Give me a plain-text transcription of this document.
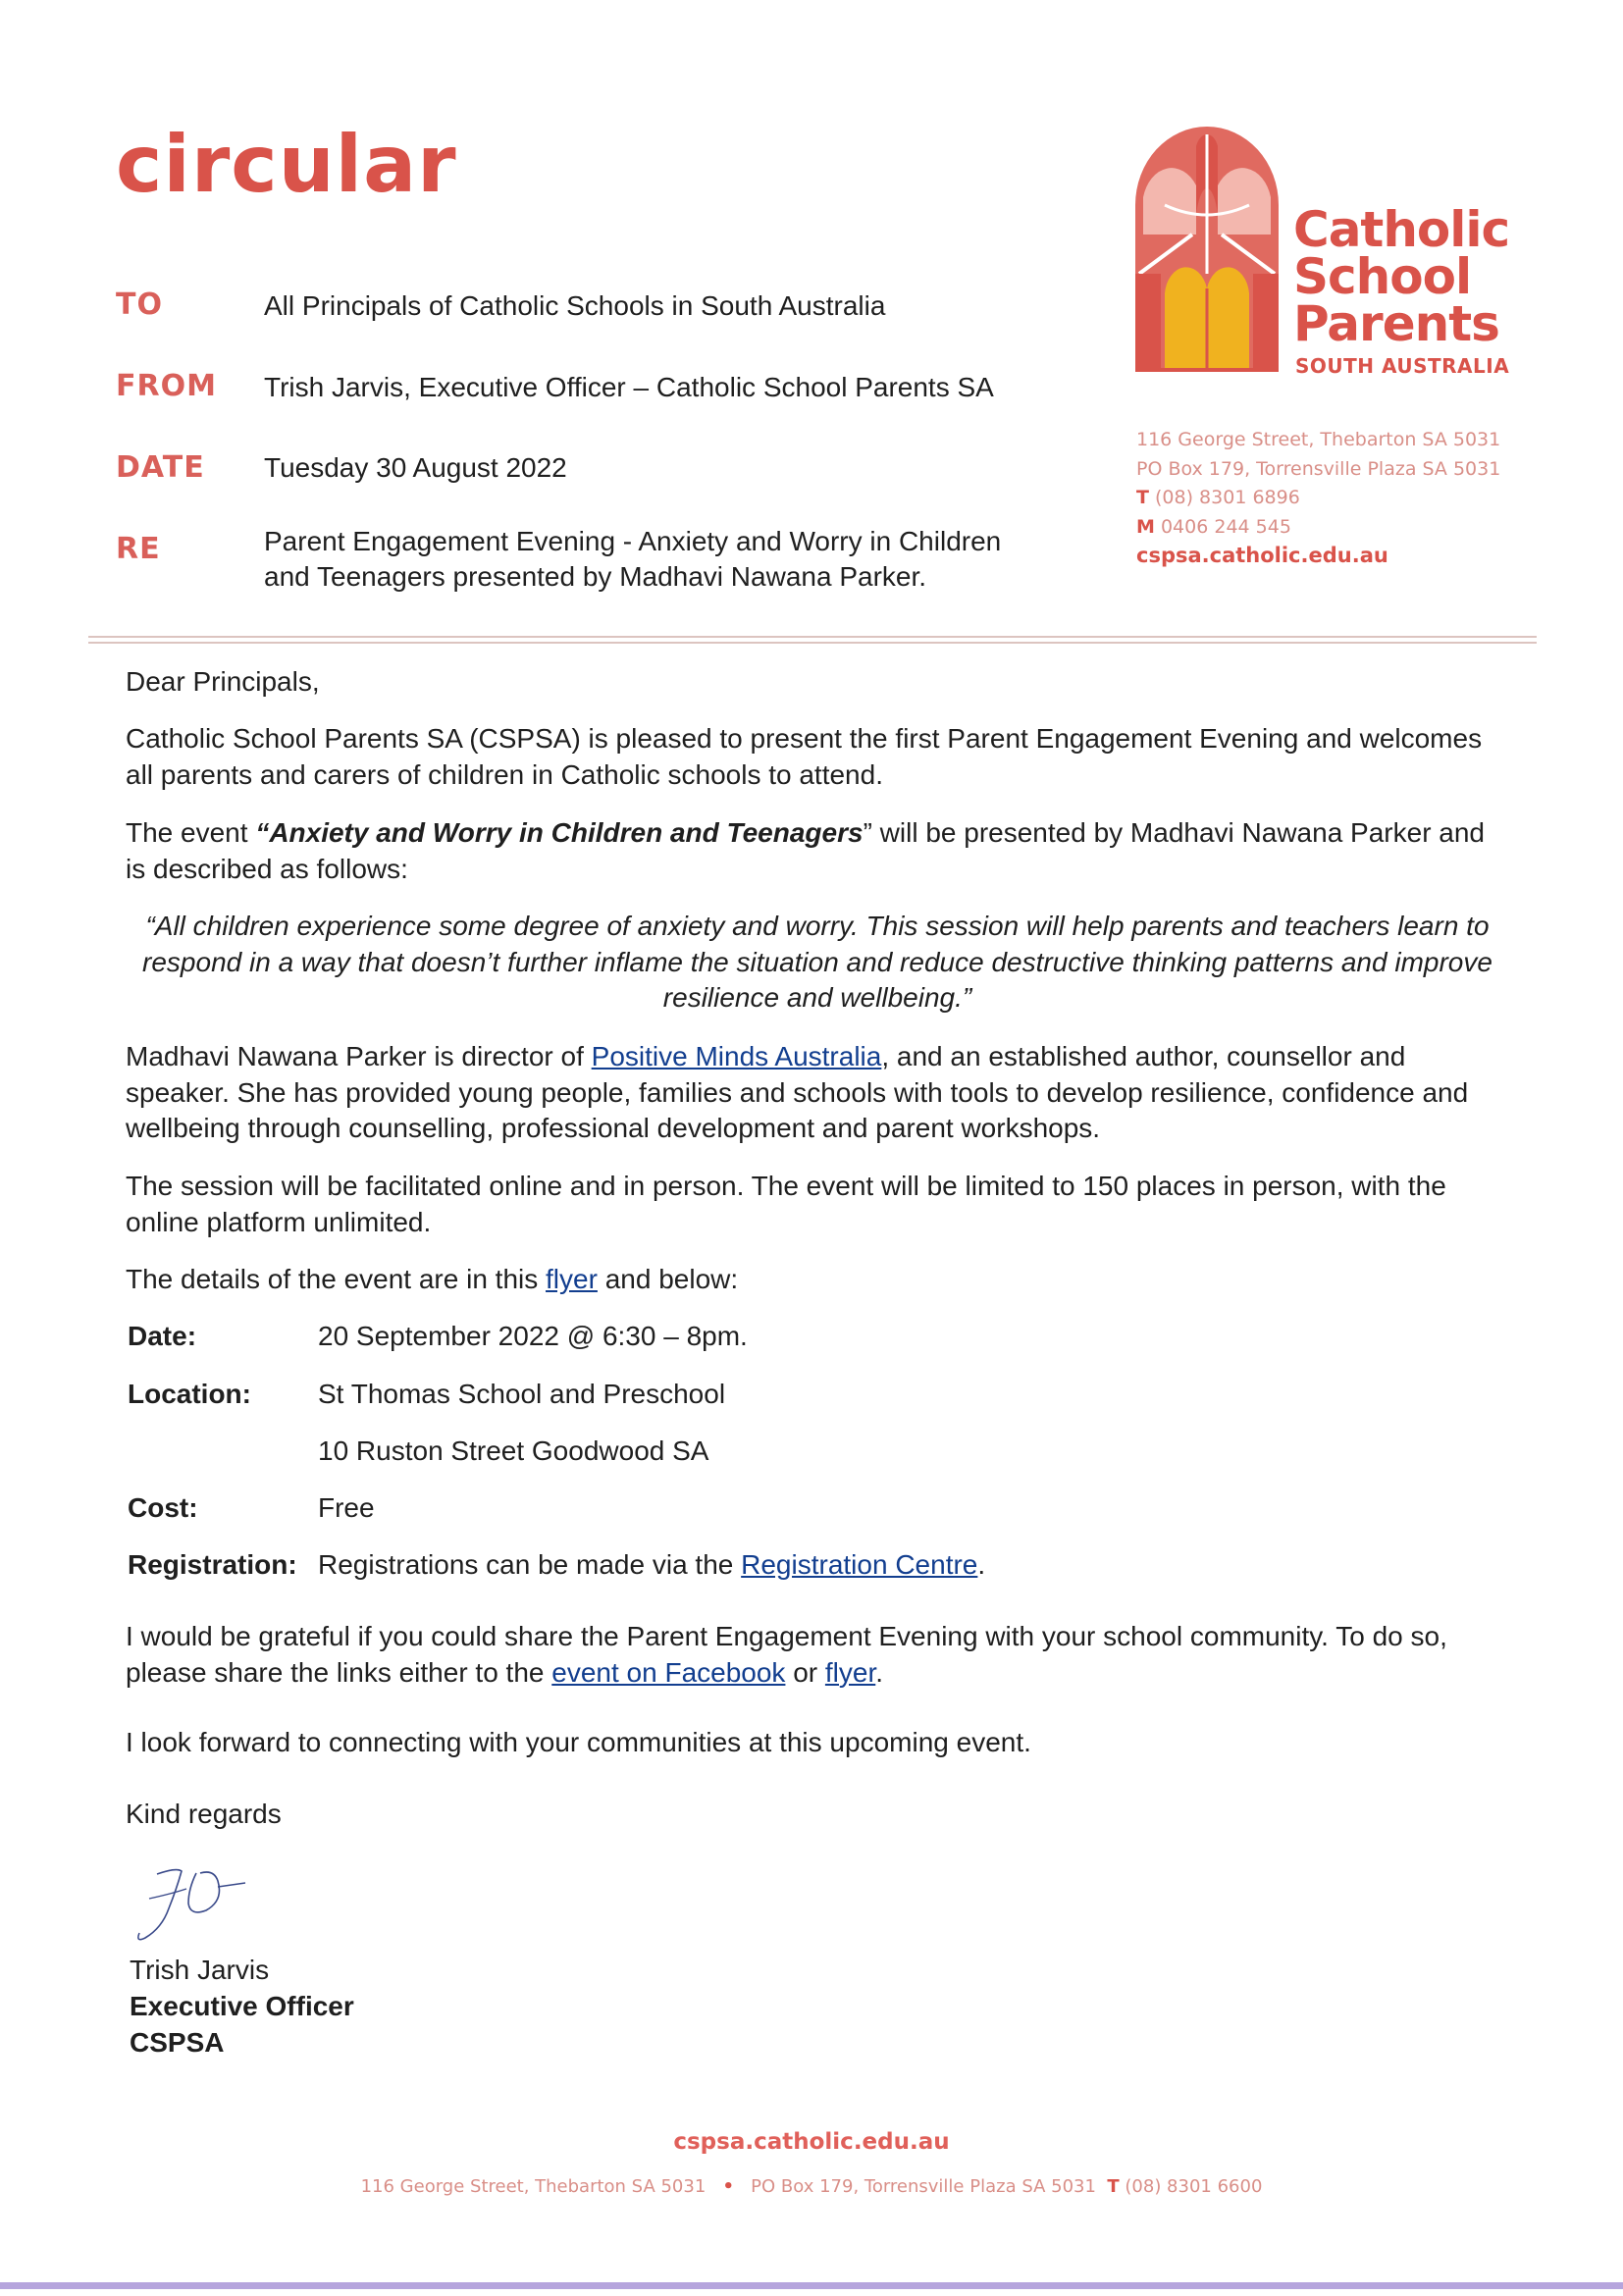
circular
TO	All Principals of Catholic Schools in South Australia
FROM Trish Jarvis, Executive Officer – Catholic School Parents SA
DATE Tuesday 30 August 2022
RE	Parent Engagement Evening - Anxiety and Worry in Children
and Teenagers presented by Madhavi Nawana Parker.
Catholic
School
Parents
SOUTH AUSTRALIA
116 George Street, Thebarton SA 5031
PO Box 179, Torrensville Plaza SA 5031
T (08) 8301 6896
M 0406 244 545
cspsa.catholic.edu.au

Dear Principals,

Catholic School Parents SA (CSPSA) is pleased to present the first Parent Engagement Evening and welcomes all parents and carers of children in Catholic schools to attend.

The event “Anxiety and Worry in Children and Teenagers” will be presented by Madhavi Nawana Parker and is described as follows:

“All children experience some degree of anxiety and worry. This session will help parents and teachers learn to respond in a way that doesn’t further inflame the situation and reduce destructive thinking patterns and improve resilience and wellbeing.”

Madhavi Nawana Parker is director of Positive Minds Australia, and an established author, counsellor and speaker. She has provided young people, families and schools with tools to develop resilience, confidence and wellbeing through counselling, professional development and parent workshops.

The session will be facilitated online and in person. The event will be limited to 150 places in person, with the online platform unlimited.

The details of the event are in this flyer and below:

Date:	20 September 2022 @ 6:30 – 8pm.
Location: St Thomas School and Preschool
10 Ruston Street Goodwood SA
Cost:	Free
Registration: Registrations can be made via the Registration Centre.

I would be grateful if you could share the Parent Engagement Evening with your school community. To do so, please share the links either to the event on Facebook or flyer.

I look forward to connecting with your communities at this upcoming event.

Kind regards

Trish Jarvis
Executive Officer
CSPSA
cspsa.catholic.edu.au
116 George Street, Thebarton SA 5031 • PO Box 179, Torrensville Plaza SA 5031 T (08) 8301 6600
